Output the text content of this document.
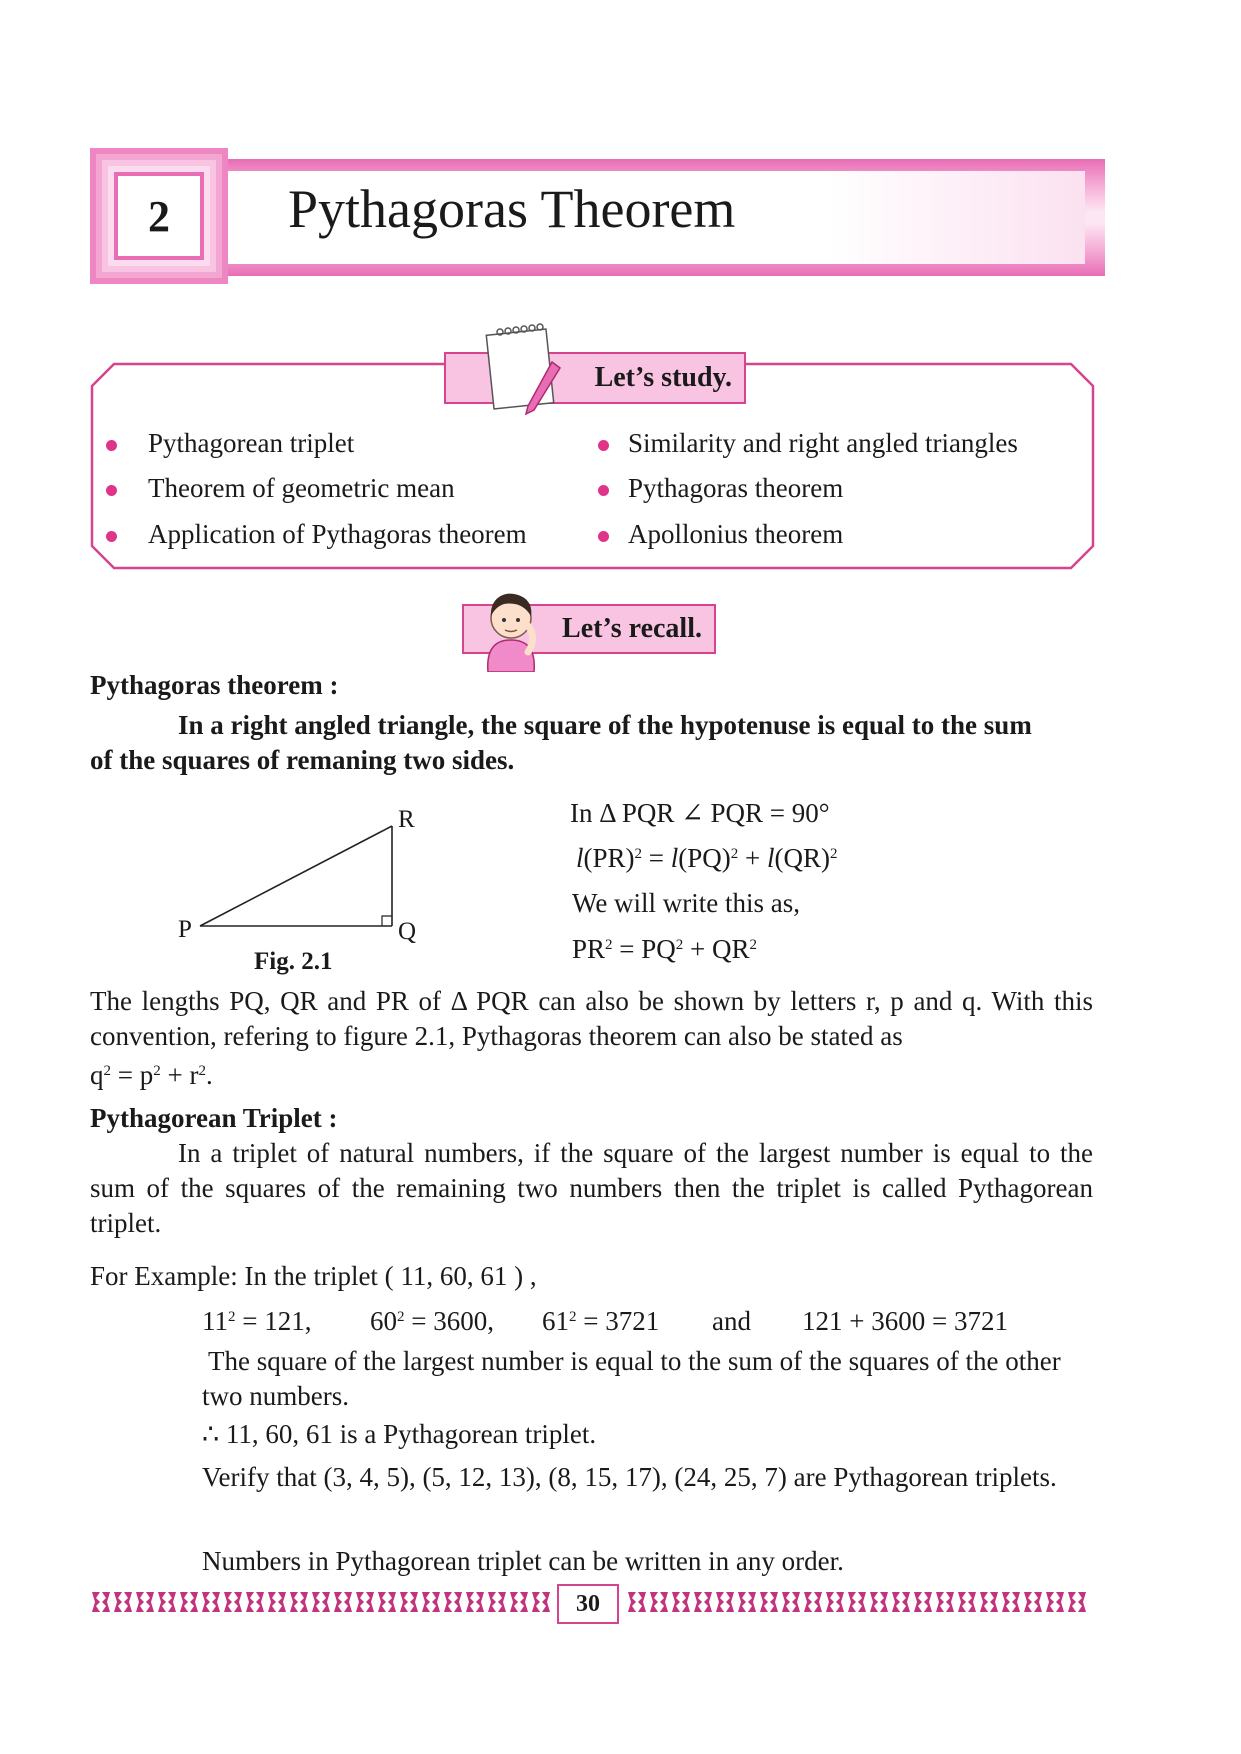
2	Pythagoras Theorem
Let’s study.
Pythagorean triplet
Theorem of geometric mean
Application of Pythagoras theorem
Similarity and right angled triangles
Pythagoras theorem
Apollonius theorem
Let’s recall.
Pythagoras theorem :
In a right angled triangle, the square of the hypotenuse is equal to the sum
of the squares of remaning two sides.
P	Q
R
Fig. 2.1
In Δ PQR ∠ PQR = 90°
l(PR)$^2$ = l(PQ)$^2$ + l(QR)$^2$
We will write this as,
$PR^2 = PQ^2 + QR^2$
The lengths PQ, QR and PR of Δ PQR can also be shown by letters r, p and q. With this convention, refering to figure 2.1, Pythagoras theorem can also be stated as
$q^2 = p^2 + r^2$.
Pythagorean Triplet :
In a triplet of natural numbers, if the square of the largest number is equal to the sum of the squares of the remaining two numbers then the triplet is called Pythagorean triplet.
For Example: In the triplet ( 11, 60, 61 ) ,
$11^2 = 121$, $60^2 = 3600$, $61^2 = 3721$ and 121 + 3600 = 3721
The square of the largest number is equal to the sum of the squares of the other two numbers.
∴ 11, 60, 61 is a Pythagorean triplet.
Verify that (3, 4, 5), (5, 12, 13), (8, 15, 17), (24, 25, 7) are Pythagorean triplets.
Numbers in Pythagorean triplet can be written in any order.
30
